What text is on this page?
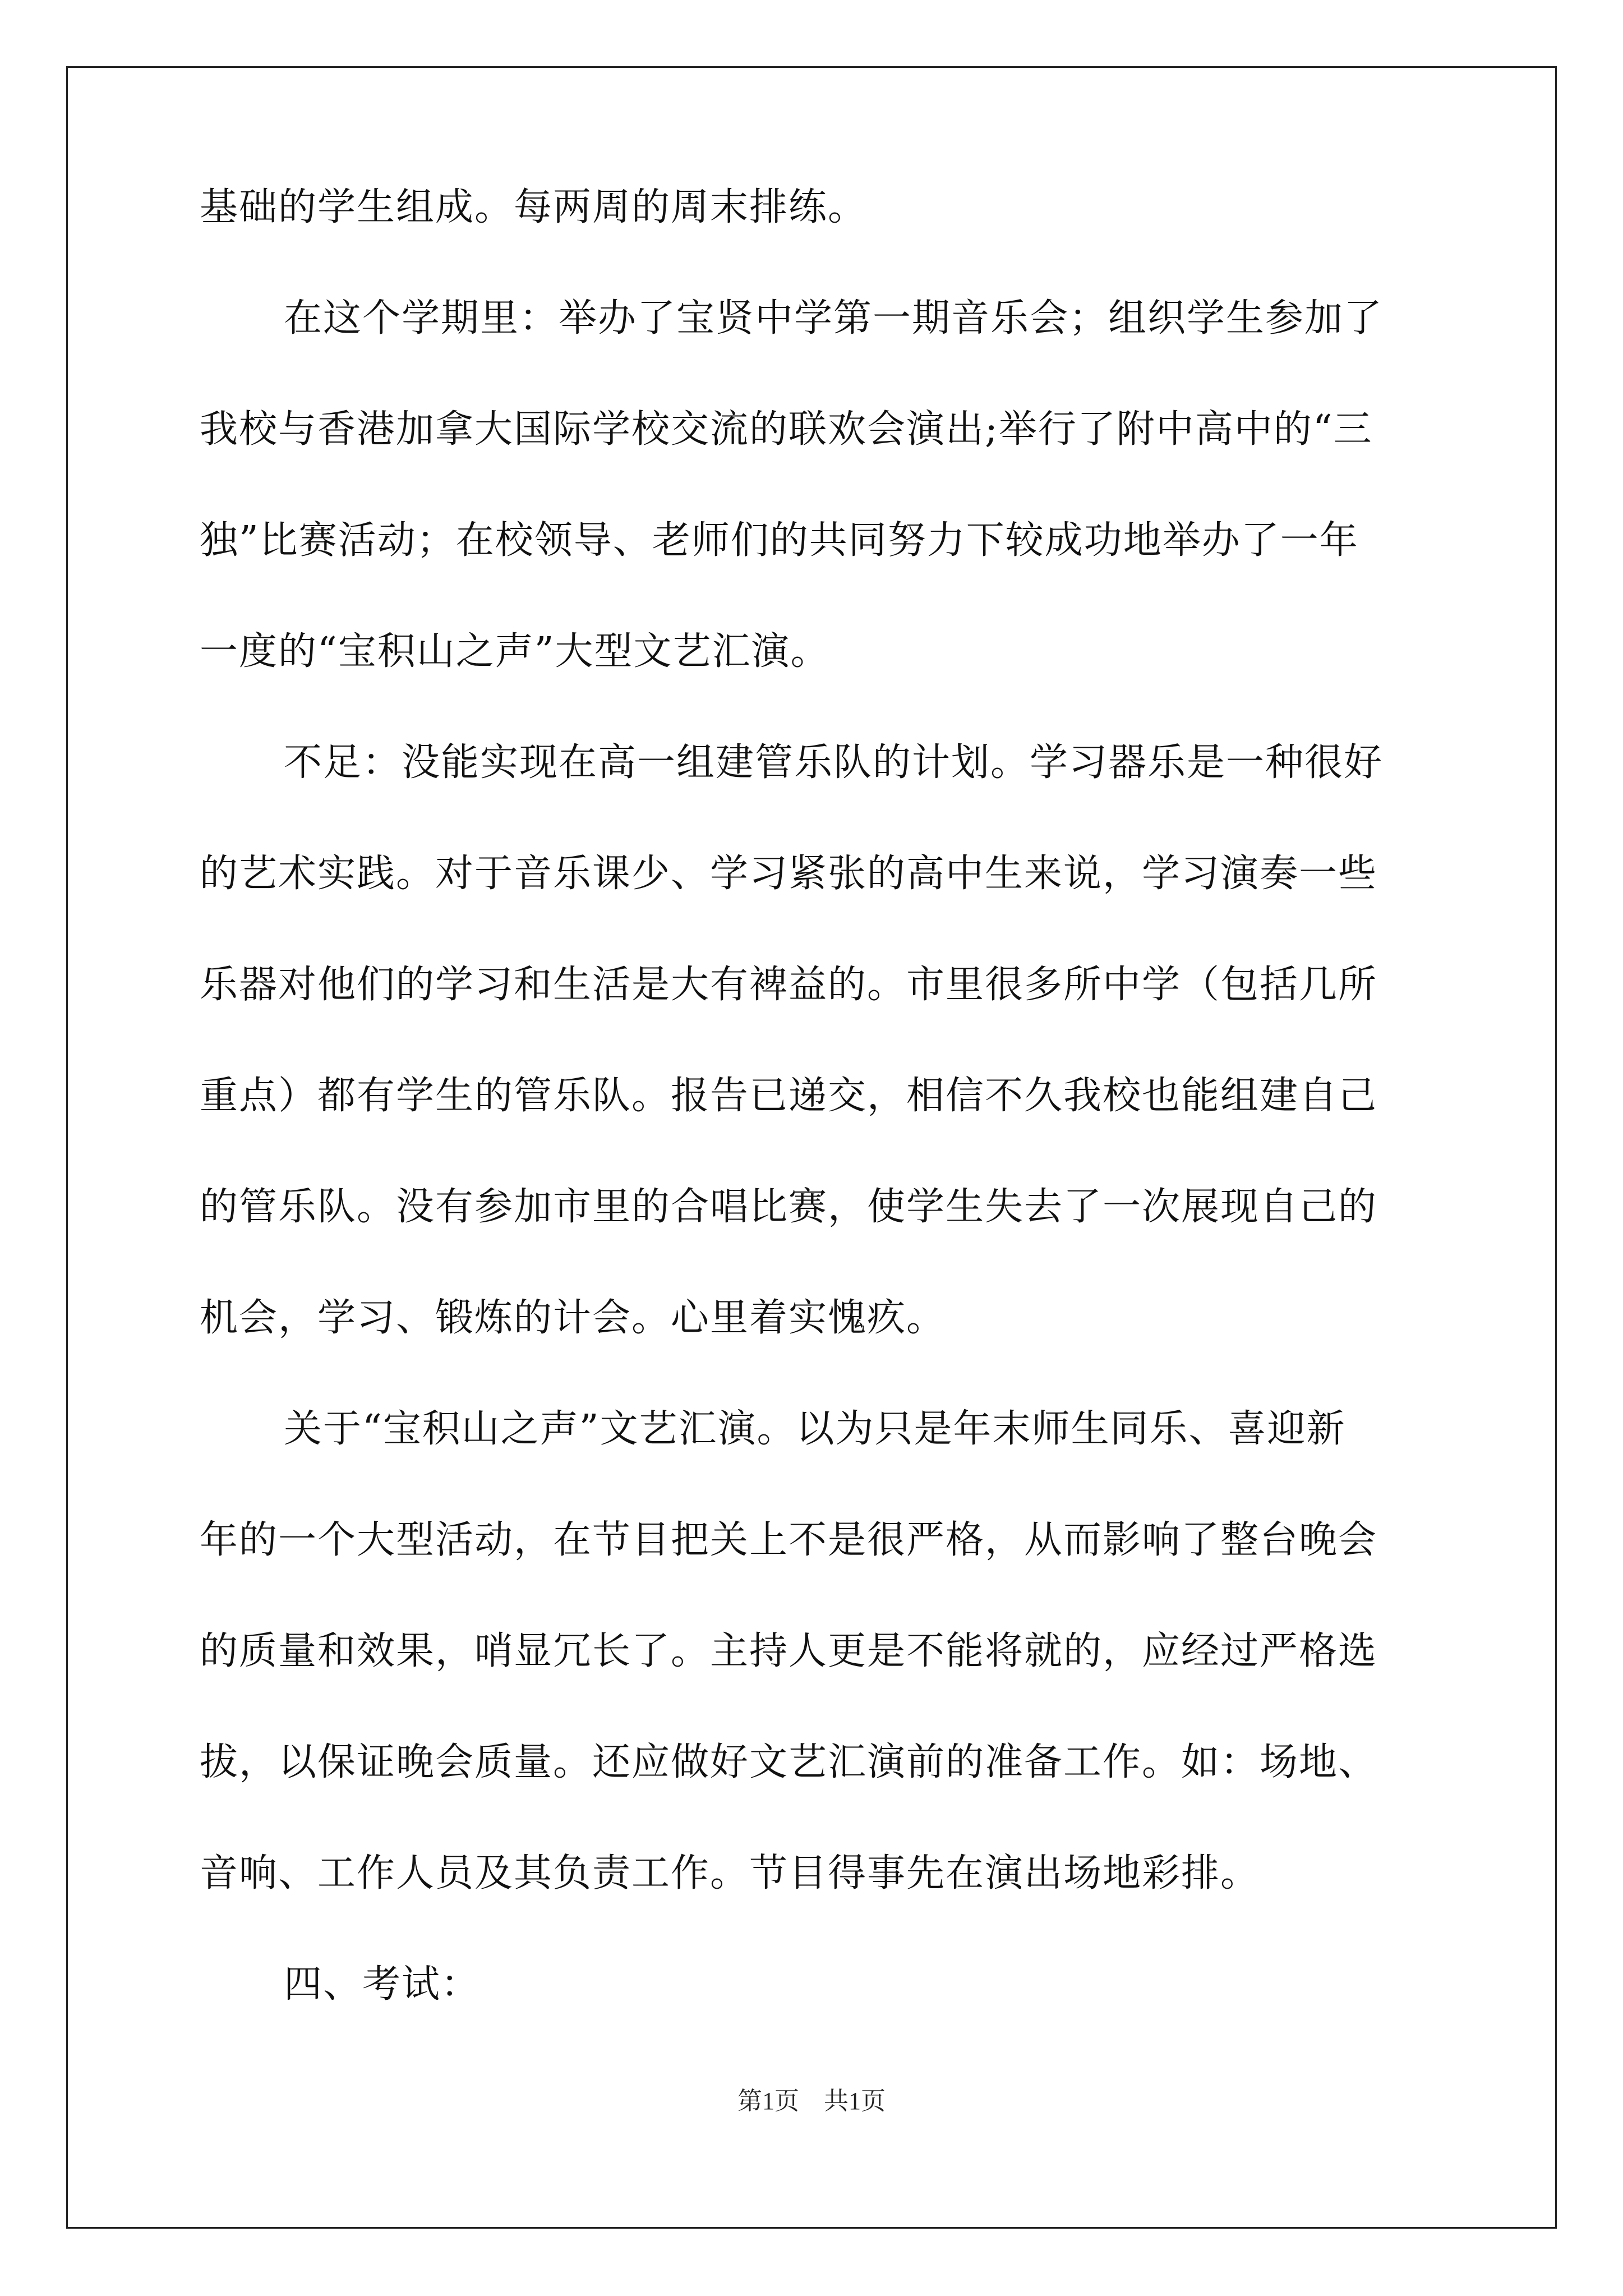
基础的学生组成。每两周的周末排练。
在这个学期里：举办了宝贤中学第一期音乐会；组织学生参加了
我校与香港加拿大国际学校交流的联欢会演出;举行了附中高中的“三
独”比赛活动；在校领导、老师们的共同努力下较成功地举办了一年
一度的“宝积山之声”大型文艺汇演。
不足：没能实现在高一组建管乐队的计划。学习器乐是一种很好
的艺术实践。对于音乐课少、学习紧张的高中生来说，学习演奏一些
乐器对他们的学习和生活是大有裨益的。市里很多所中学（包括几所
重点）都有学生的管乐队。报告已递交，相信不久我校也能组建自己
的管乐队。没有参加市里的合唱比赛，使学生失去了一次展现自己的
机会，学习、锻炼的计会。心里着实愧疚。
关于“宝积山之声”文艺汇演。以为只是年末师生同乐、喜迎新
年的一个大型活动，在节目把关上不是很严格，从而影响了整台晚会
的质量和效果，哨显冗长了。主持人更是不能将就的，应经过严格选
拔，以保证晚会质量。还应做好文艺汇演前的准备工作。如：场地、
音响、工作人员及其负责工作。节目得事先在演出场地彩排。
四、考试：
第1页　共1页
